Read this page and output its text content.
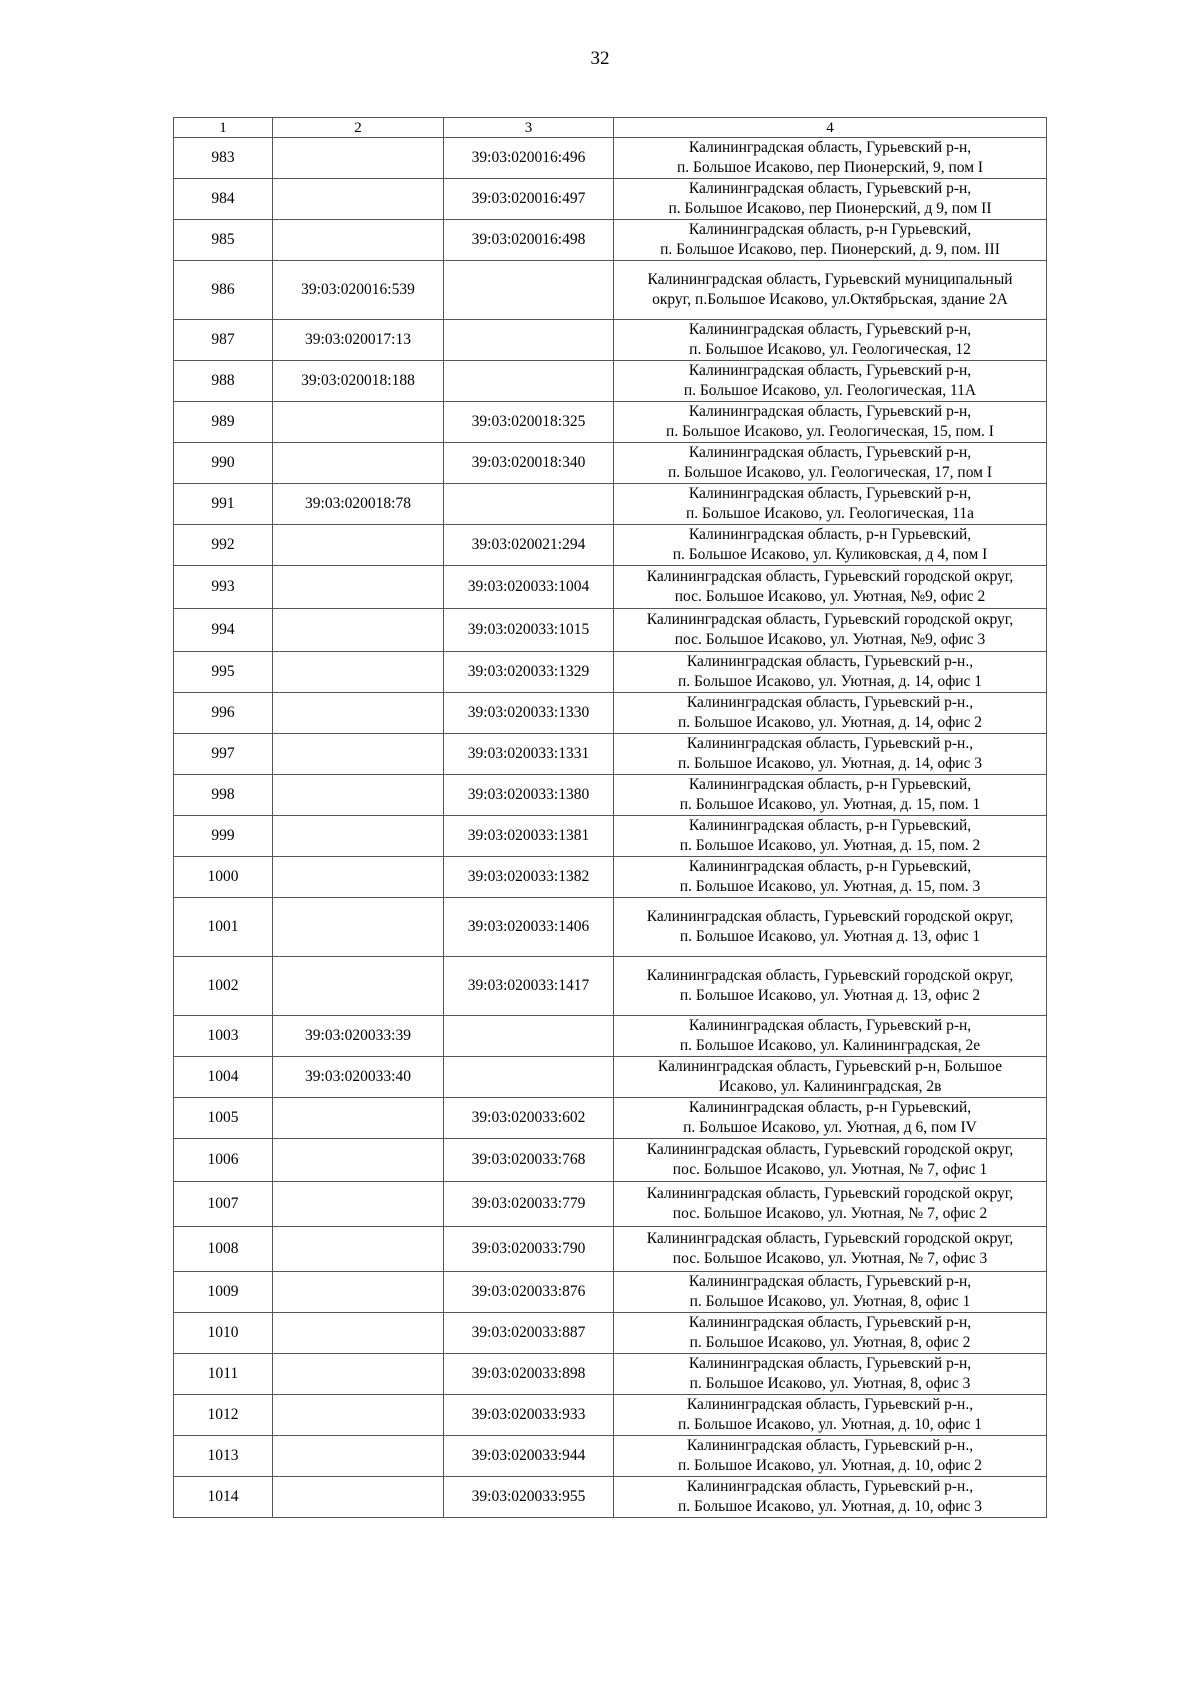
32
1	2	3	4
983		39:03:020016:496	Калининградская область, Гурьевский р-н,
п. Большое Исаково, пер Пионерский, 9, пом I

984		39:03:020016:497	Калининградская область, Гурьевский р-н,
п. Большое Исаково, пер Пионерский, д 9, пом II

985		39:03:020016:498	Калининградская область, р-н Гурьевский,
п. Большое Исаково, пер. Пионерский, д. 9, пом. III

986	39:03:020016:539		Калининградская область, Гурьевский муниципальный
округ, п.Большое Исаково, ул.Октябрьская, здание 2А

987	39:03:020017:13		Калининградская область, Гурьевский р-н,
п. Большое Исаково, ул. Геологическая, 12

988	39:03:020018:188		Калининградская область, Гурьевский р-н,
п. Большое Исаково, ул. Геологическая, 11А

989		39:03:020018:325	Калининградская область, Гурьевский р-н,
п. Большое Исаково, ул. Геологическая, 15, пом. I

990		39:03:020018:340	Калининградская область, Гурьевский р-н,
п. Большое Исаково, ул. Геологическая, 17, пом I

991	39:03:020018:78		Калининградская область, Гурьевский р-н,
п. Большое Исаково, ул. Геологическая, 11а

992		39:03:020021:294	Калининградская область, р-н Гурьевский,
п. Большое Исаково, ул. Куликовская, д 4, пом I

993		39:03:020033:1004	Калининградская область, Гурьевский городской округ,
пос. Большое Исаково, ул. Уютная, №9, офис 2

994		39:03:020033:1015	Калининградская область, Гурьевский городской округ,
пос. Большое Исаково, ул. Уютная, №9, офис 3

995		39:03:020033:1329	Калининградская область, Гурьевский р-н.,
п. Большое Исаково, ул. Уютная, д. 14, офис 1

996		39:03:020033:1330	Калининградская область, Гурьевский р-н.,
п. Большое Исаково, ул. Уютная, д. 14, офис 2

997		39:03:020033:1331	Калининградская область, Гурьевский р-н.,
п. Большое Исаково, ул. Уютная, д. 14, офис 3

998		39:03:020033:1380	Калининградская область, р-н Гурьевский,
п. Большое Исаково, ул. Уютная, д. 15, пом. 1

999		39:03:020033:1381	Калининградская область, р-н Гурьевский,
п. Большое Исаково, ул. Уютная, д. 15, пом. 2

1000		39:03:020033:1382	Калининградская область, р-н Гурьевский,
п. Большое Исаково, ул. Уютная, д. 15, пом. 3

1001		39:03:020033:1406	Калининградская область, Гурьевский городской округ,
п. Большое Исаково, ул. Уютная д. 13, офис 1

1002		39:03:020033:1417	Калининградская область, Гурьевский городской округ,
п. Большое Исаково, ул. Уютная д. 13, офис 2

1003	39:03:020033:39		Калининградская область, Гурьевский р-н,
п. Большое Исаково, ул. Калининградская, 2е

1004	39:03:020033:40		Калининградская область, Гурьевский р-н, Большое
Исаково, ул. Калининградская, 2в

1005		39:03:020033:602	Калининградская область, р-н Гурьевский,
п. Большое Исаково, ул. Уютная, д 6, пом IV

1006		39:03:020033:768	Калининградская область, Гурьевский городской округ,
пос. Большое Исаково, ул. Уютная, № 7, офис 1

1007		39:03:020033:779	Калининградская область, Гурьевский городской округ,
пос. Большое Исаково, ул. Уютная, № 7, офис 2

1008		39:03:020033:790	Калининградская область, Гурьевский городской округ,
пос. Большое Исаково, ул. Уютная, № 7, офис 3

1009		39:03:020033:876	Калининградская область, Гурьевский р-н,
п. Большое Исаково, ул. Уютная, 8, офис 1

1010		39:03:020033:887	Калининградская область, Гурьевский р-н,
п. Большое Исаково, ул. Уютная, 8, офис 2

1011		39:03:020033:898	Калининградская область, Гурьевский р-н,
п. Большое Исаково, ул. Уютная, 8, офис 3

1012		39:03:020033:933	Калининградская область, Гурьевский р-н.,
п. Большое Исаково, ул. Уютная, д. 10, офис 1

1013		39:03:020033:944	Калининградская область, Гурьевский р-н.,
п. Большое Исаково, ул. Уютная, д. 10, офис 2

1014		39:03:020033:955	Калининградская область, Гурьевский р-н.,
п. Большое Исаково, ул. Уютная, д. 10, офис 3
